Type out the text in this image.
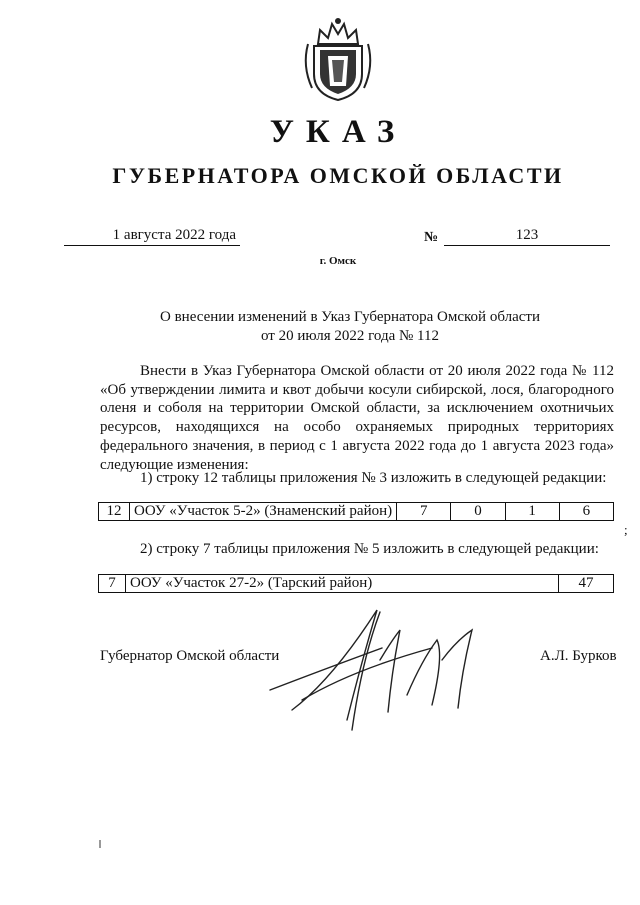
УКАЗ
ГУБЕРНАТОРА ОМСКОЙ ОБЛАСТИ
1 августа 2022 года	№	123
г. Омск
О внесении изменений в Указ Губернатора Омской области
от 20 июля 2022 года № 112

Внести в Указ Губернатора Омской области от 20 июля 2022 года № 112 «Об утверждении лимита и квот добычи косули сибирской, лося, благородного оленя и соболя на территории Омской области, за исключением охотничьих ресурсов, находящихся на особо охраняемых природных территориях федерального значения, в период с 1 августа 2022 года до 1 августа 2023 года» следующие изменения:

1) строку 12 таблицы приложения № 3 изложить в следующей редакции:
12	ООУ «Участок 5-2» (Знаменский район)	7	0	1	6
;
2) строку 7 таблицы приложения № 5 изложить в следующей редакции:
7	ООУ «Участок 27-2» (Тарский район)	47
Губернатор Омской области	А.Л. Бурков
